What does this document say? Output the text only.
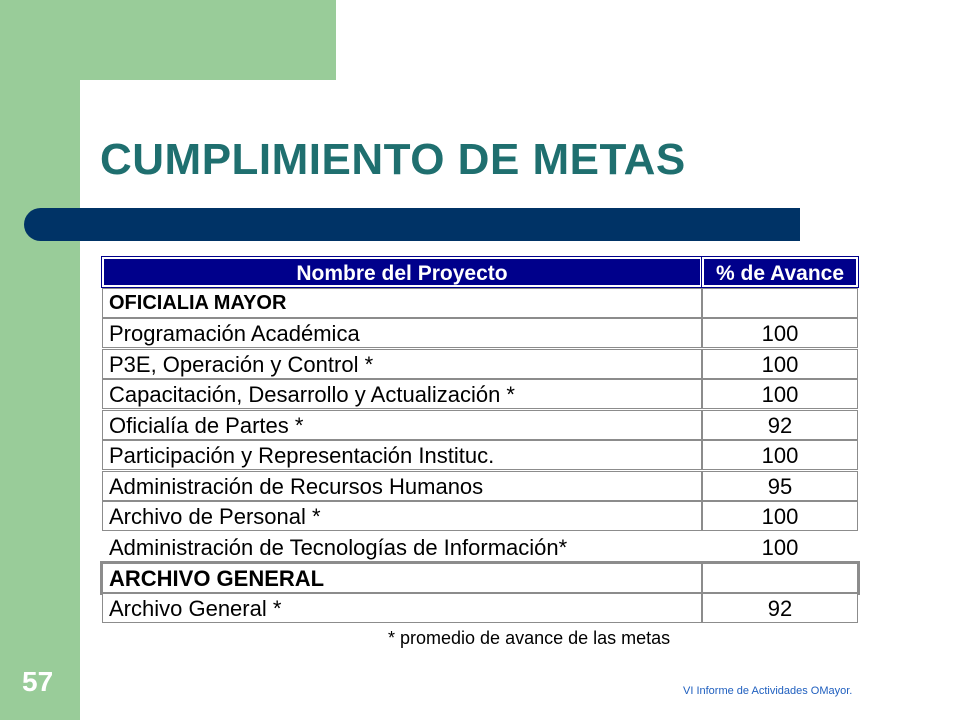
CUMPLIMIENTO DE METAS
Nombre del Proyecto	% de Avance
OFICIALIA MAYOR
Programación Académica	100
P3E, Operación y Control *	100
Capacitación, Desarrollo y Actualización *	100
Oficialía de Partes *	92
Participación y Representación Instituc.	100
Administración de Recursos Humanos	95
Archivo de Personal *	100
Administración de Tecnologías de Información*	100
ARCHIVO GENERAL
Archivo General *	92
* promedio de avance de las metas
57	VI Informe de Actividades OMayor.
